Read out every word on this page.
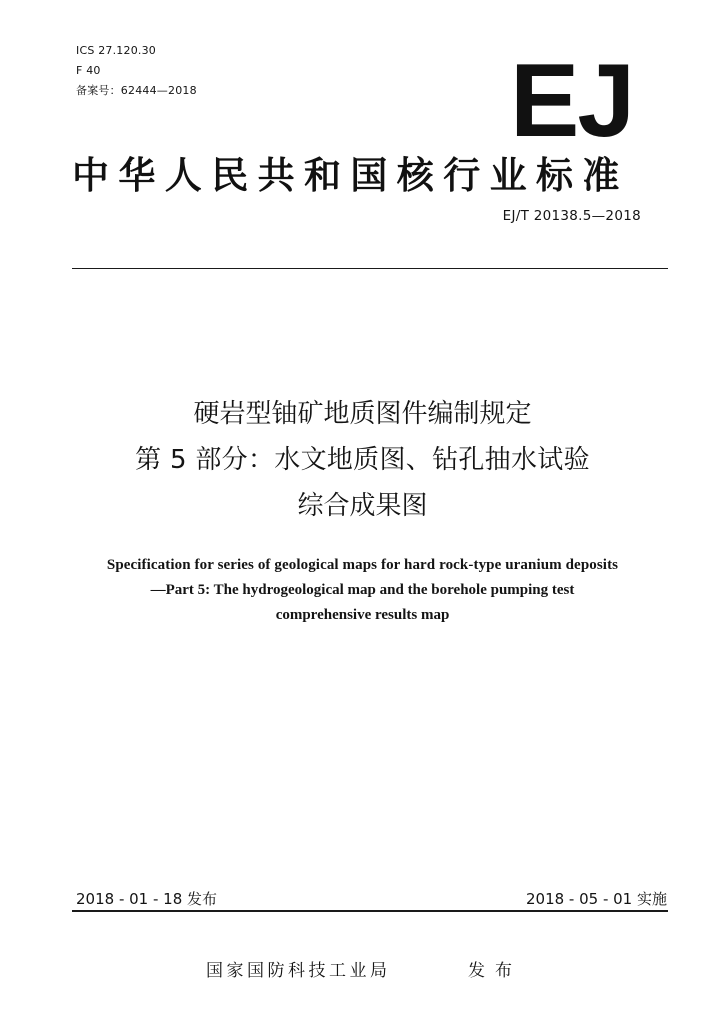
ICS 27.120.30
F 40
备案号：62444—2018	EJ
中华人民共和国核行业标准
EJ/T 20138.5—2018
硬岩型铀矿地质图件编制规定
第 5 部分：水文地质图、钻孔抽水试验
综合成果图
Specification for series of geological maps for hard rock-type uranium deposits
—Part 5: The hydrogeological map and the borehole pumping test
comprehensive results map
2018 - 01 - 18 发布	2018 - 05 - 01 实施
国家国防科技工业局	发布
